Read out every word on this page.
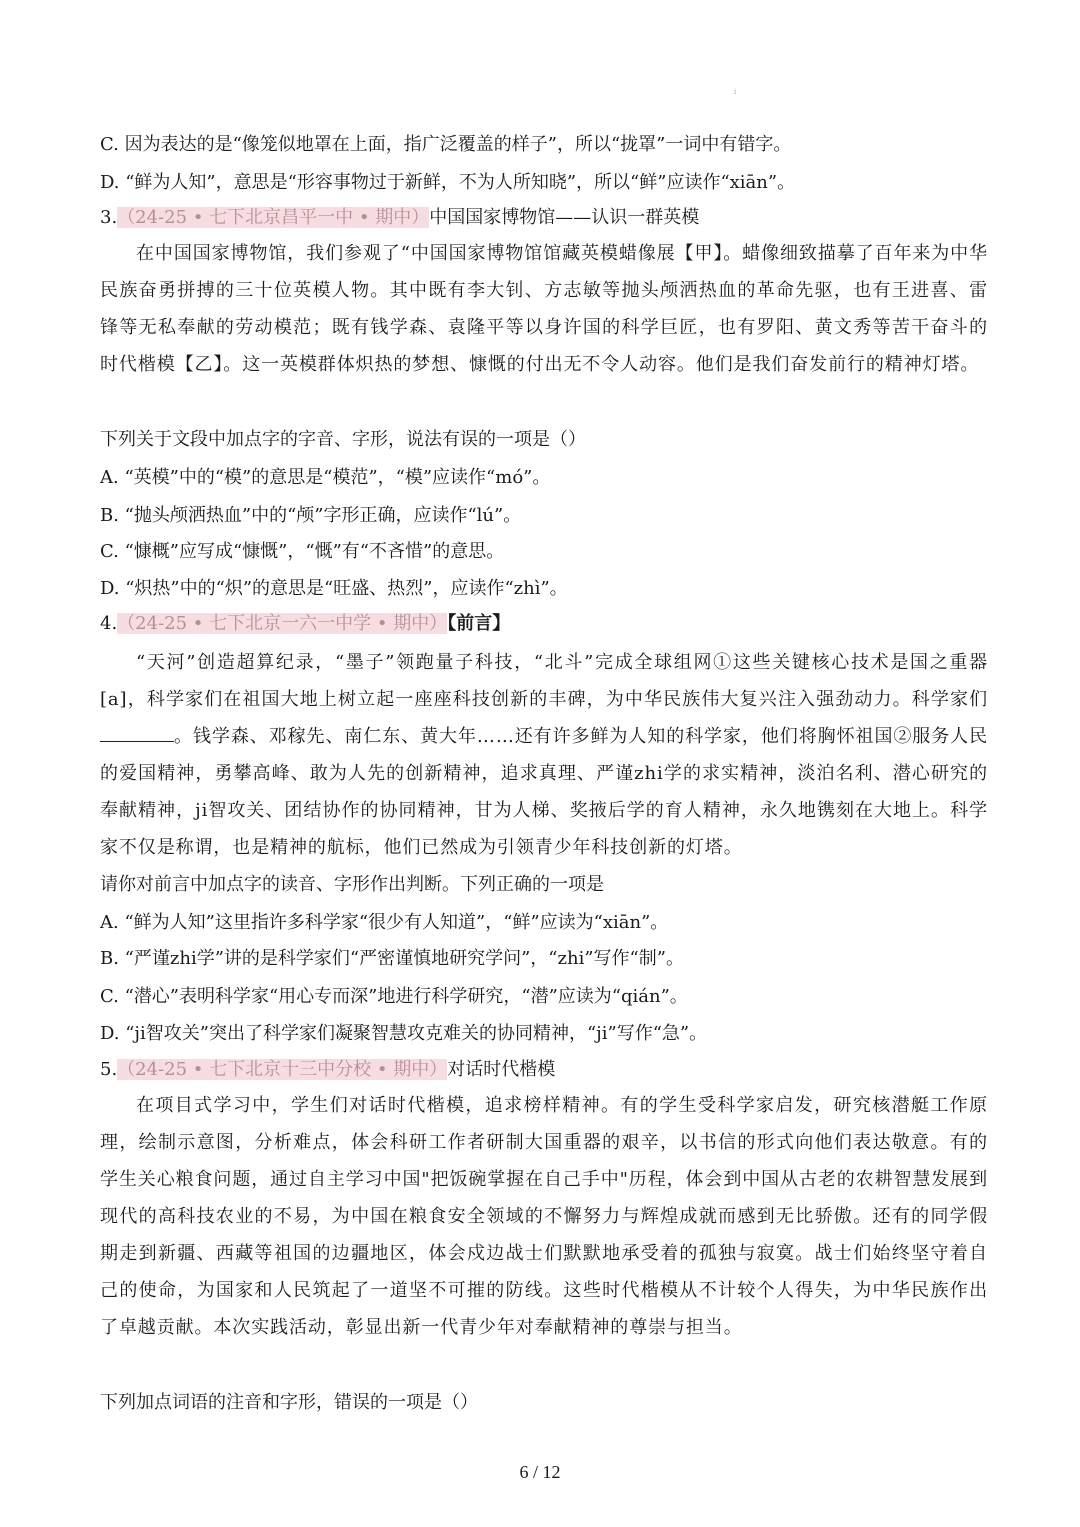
i
C. 因为表达的是“像笼似地罩在上面，指广泛覆盖的样子”，所以“拢罩”一词中有错字。
D. “鲜为人知”，意思是“形容事物过于新鲜，不为人所知晓”，所以“鲜”应读作“xiān”。
3.（24-25 • 七下北京昌平一中 • 期中）中国国家博物馆——认识一群英模
在中国国家博物馆，我们参观了“中国国家博物馆馆藏英模蜡像展【甲】。蜡像细致描摹了百年来为中华民族奋勇拼搏的三十位英模人物。其中既有李大钊、方志敏等抛头颅洒热血的革命先驱，也有王进喜、雷锋等无私奉献的劳动模范；既有钱学森、袁隆平等以身许国的科学巨匠，也有罗阳、黄文秀等苦干奋斗的时代楷模【乙】。这一英模群体炽热的梦想、慷慨的付出无不令人动容。他们是我们奋发前行的精神灯塔。
下列关于文段中加点字的字音、字形，说法有误的一项是（）
A. “英模”中的“模”的意思是“模范”，“模”应读作“mó”。
B. “抛头颅洒热血”中的“颅”字形正确，应读作“lú”。
C. “慷概”应写成“慷慨”，“慨”有“不吝惜”的意思。
D. “炽热”中的“炽”的意思是“旺盛、热烈”，应读作“zhì”。
4.（24-25 • 七下北京一六一中学 • 期中）【前言】
“天河”创造超算纪录，“墨子”领跑量子科技，“北斗”完成全球组网①这些关键核心技术是国之重器[a]，科学家们在祖国大地上树立起一座座科技创新的丰碑，为中华民族伟大复兴注入强劲动力。科学家们。钱学森、邓稼先、南仁东、黄大年……还有许多鲜为人知的科学家，他们将胸怀祖国②服务人民的爱国精神，勇攀高峰、敢为人先的创新精神，追求真理、严谨zhi学的求实精神，淡泊名利、潜心研究的奉献精神，ji智攻关、团结协作的协同精神，甘为人梯、奖掖后学的育人精神，永久地镌刻在大地上。科学家不仅是称谓，也是精神的航标，他们已然成为引领青少年科技创新的灯塔。
请你对前言中加点字的读音、字形作出判断。下列正确的一项是
A. “鲜为人知”这里指许多科学家“很少有人知道”，“鲜”应读为“xiān”。
B. “严谨zhi学”讲的是科学家们“严密谨慎地研究学问”，“zhi”写作“制”。
C. “潜心”表明科学家“用心专而深”地进行科学研究，“潜”应读为“qián”。
D. “ji智攻关”突出了科学家们凝聚智慧攻克难关的协同精神，“ji”写作“急”。
5.（24-25 • 七下北京十三中分校 • 期中）对话时代楷模
在项目式学习中，学生们对话时代楷模，追求榜样精神。有的学生受科学家启发，研究核潜艇工作原理，绘制示意图，分析难点，体会科研工作者研制大国重器的艰辛，以书信的形式向他们表达敬意。有的学生关心粮食问题，通过自主学习中国"把饭碗掌握在自己手中"历程，体会到中国从古老的农耕智慧发展到现代的高科技农业的不易，为中国在粮食安全领域的不懈努力与辉煌成就而感到无比骄傲。还有的同学假期走到新疆、西藏等祖国的边疆地区，体会戍边战士们默默地承受着的孤独与寂寞。战士们始终坚守着自己的使命，为国家和人民筑起了一道坚不可摧的防线。这些时代楷模从不计较个人得失，为中华民族作出了卓越贡献。本次实践活动，彰显出新一代青少年对奉献精神的尊崇与担当。
下列加点词语的注音和字形，错误的一项是（）
6 / 12
